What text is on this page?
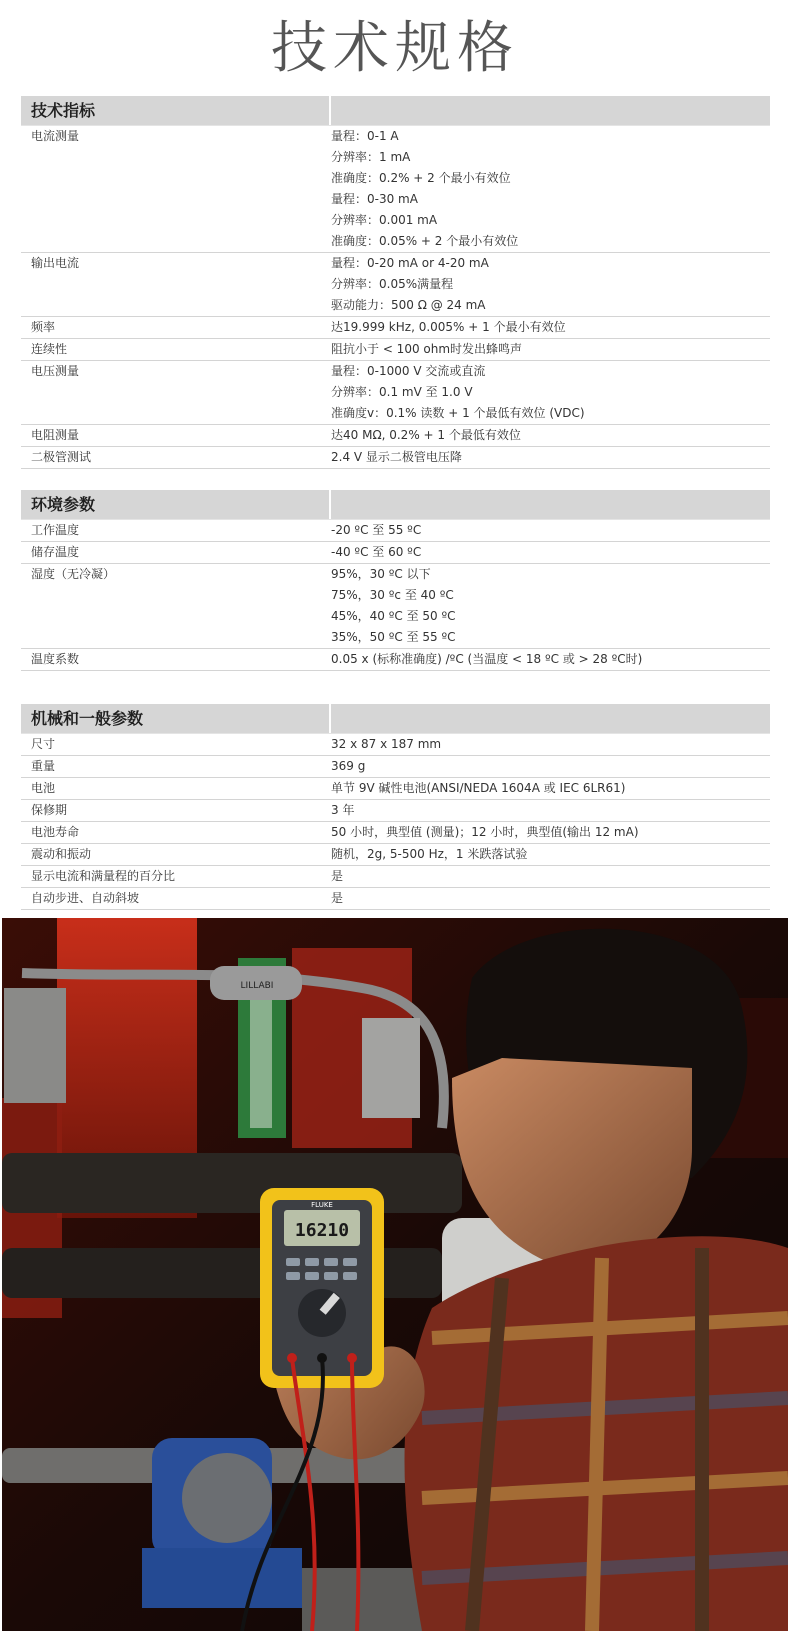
技术规格
技术指标
电流测量	量程：0-1 A
分辨率：1 mA
准确度：0.2% + 2 个最小有效位
量程：0-30 mA
分辨率：0.001 mA
准确度：0.05% + 2 个最小有效位
输出电流	量程：0-20 mA or 4-20 mA
分辨率：0.05%满量程
驱动能力：500 Ω @ 24 mA
频率	达19.999 kHz, 0.005% + 1 个最小有效位
连续性	阻抗小于 < 100 ohm时发出蜂鸣声
电压测量	量程：0-1000 V 交流或直流
分辨率：0.1 mV 至 1.0 V
准确度v：0.1% 读数 + 1 个最低有效位 (VDC)
电阻测量	达40 MΩ, 0.2% + 1 个最低有效位
二极管测试	2.4 V 显示二极管电压降
环境参数
工作温度	-20 ºC 至 55 ºC
储存温度	-40 ºC 至 60 ºC
湿度（无冷凝）	95%，30 ºC 以下
75%，30 ºc 至 40 ºC
45%，40 ºC 至 50 ºC
35%，50 ºC 至 55 ºC
温度系数	0.05 x (标称准确度) /ºC (当温度 < 18 ºC 或 > 28 ºC时)
机械和一般参数
尺寸	32 x 87 x 187 mm
重量	369 g
电池	单节 9V 碱性电池(ANSI/NEDA 1604A 或 IEC 6LR61)
保修期	3 年
电池寿命	50 小时，典型值 (测量)；12 小时，典型值(输出 12 mA)
震动和振动	随机，2g, 5-500 Hz，1 米跌落试验
显示电流和满量程的百分比	是
自动步进、自动斜坡	是
16210
FLUKE
LILLABI
